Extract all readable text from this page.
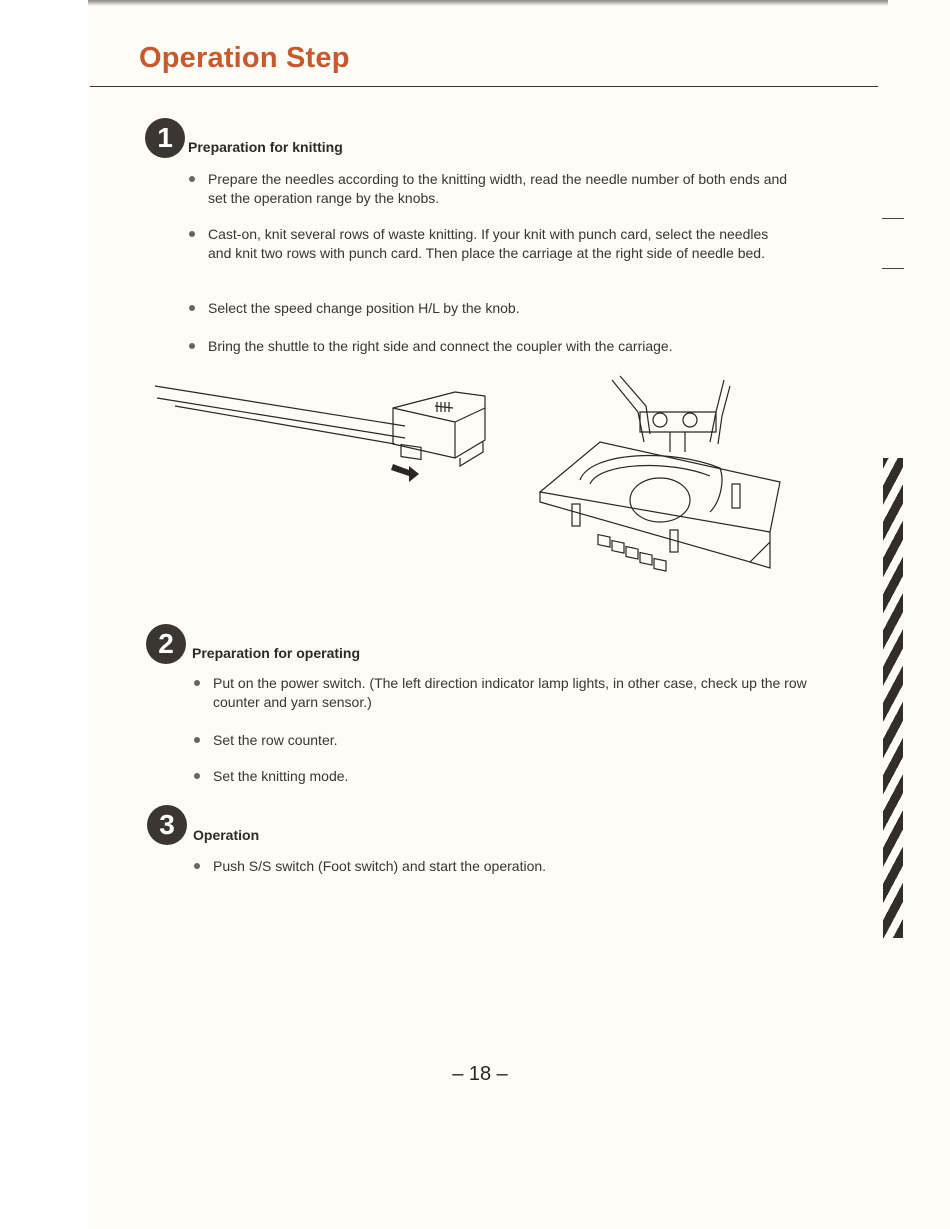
Operation Step
1 Preparation for knitting
Prepare the needles according to the knitting width, read the needle number of both ends and set the operation range by the knobs.
Cast-on, knit several rows of waste knitting. If your knit with punch card, select the needles and knit two rows with punch card. Then place the carriage at the right side of needle bed.
Select the speed change position H/L by the knob.
Bring the shuttle to the right side and connect the coupler with the carriage.
2 Preparation for operating
Put on the power switch. (The left direction indicator lamp lights, in other case, check up the row counter and yarn sensor.)
Set the row counter.
Set the knitting mode.
3 Operation
Push S/S switch (Foot switch) and start the operation.
– 18 –
